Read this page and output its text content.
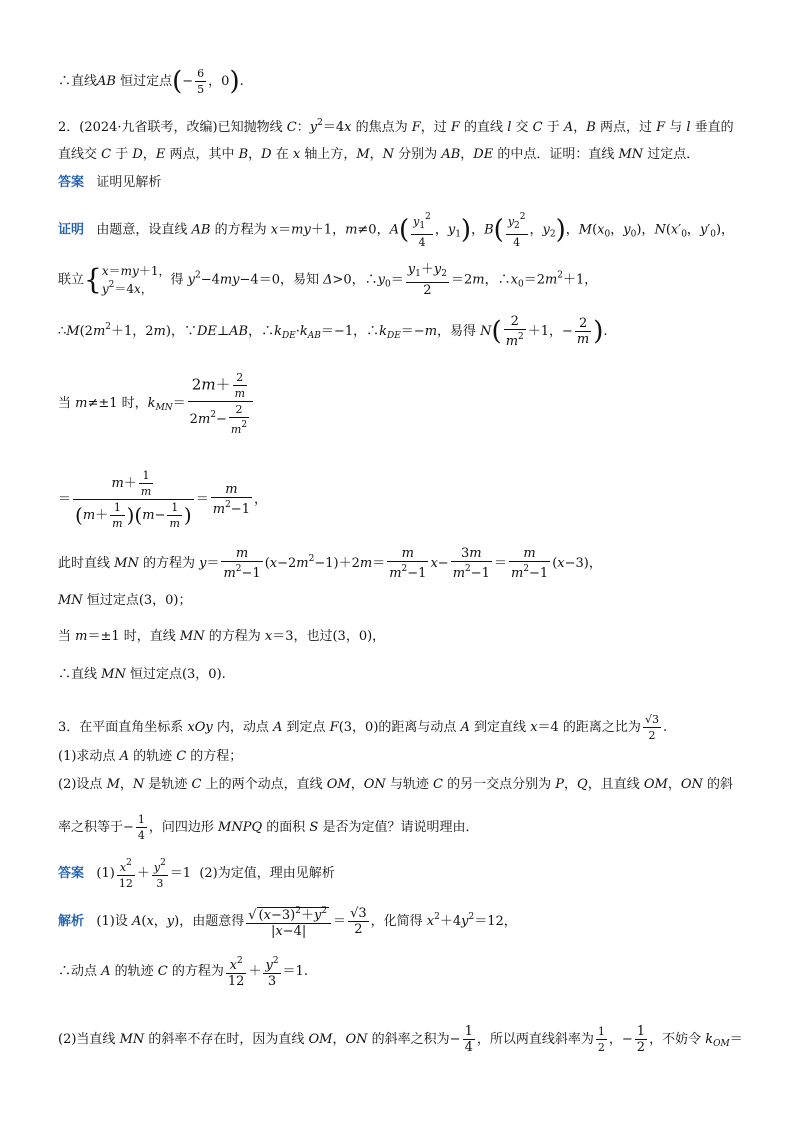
∴直线AB 恒过定点(− $\frac{6}{5}$ ，0).
2．(2024·九省联考，改编)已知抛物线 C：$y^2=4x$ 的焦点为 F，过 F 的直线 l 交 C 于 A，B 两点，过 F 与 l 垂直的
直线交 C 于 D，E 两点，其中 B，D 在 x 轴上方，M，N 分别为 AB，DE 的中点．证明：直线 MN 过定点．
答案 证明见解析
证明   由题意，设直线 AB 的方程为 x＝my＋1，m≠0，$A( \frac{y_1^2}{4}$ ，$y_1$)，$B( \frac{y_2^2}{4}$ ，$y_2$)，$M(x_0$，$y_0$)，$N(x'_0$，$y'_0$)，
联立{x＝my＋1，
$y^2=4x$，得 $y^2-4my-4=0$，易知 Δ>0，$\therefore y_0= \frac{y_1+y_2}{2} =2m$，$\therefore x_0=2m^2+1$，
$\therefore M(2m^2+1$，2m)，∵DE⊥AB，$\therefore k_{DE}\cdot k_{AB}=-1$，$\therefore k_{DE}=-m$，易得 $N( \frac{2}{m^2} +1$，− $\frac{2}{m}$ ).
当 m≠±1 时，$k_{MN}= \frac{2m+ \frac{2}{m}}{2m^2- \frac{2}{m^2}}$
＝ $\frac{m+ \frac{1}{m}}{(m+ \frac{1}{m} )(m- \frac{1}{m} )} = \frac{m}{m^2-1}$ ，
此时直线 MN 的方程为 $y= \frac{m}{m^2-1} (x-2m^2-1)+2m= \frac{m}{m^2-1} x- \frac{3m}{m^2-1} = \frac{m}{m^2-1} (x-3)$，
MN 恒过定点(3，0)；
当 m＝±1 时，直线 MN 的方程为 x＝3，也过(3，0)，
∴直线 MN 恒过定点(3，0).
3．在平面直角坐标系 xOy 内，动点 A 到定点 F(3，0)的距离与动点 A 到定直线 x＝4 的距离之比为 $\frac{√3}{2}$ .
(1)求动点 A 的轨迹 C 的方程；
(2)设点 M，N 是轨迹 C 上的两个动点，直线 OM，ON 与轨迹 C 的另一交点分别为 P，Q，且直线 OM，ON 的斜
率之积等于− $\frac{1}{4}$ ，问四边形 MNPQ 的面积 S 是否为定值？请说明理由．
答案   $(1) \frac{x^2}{12} + \frac{y^2}{3} =1$  (2)为定值，理由见解析
解析   (1)设 A(x，y)，由题意得 $\frac{√ (x-3)^2+y^2}{|x-4|} = \frac{√3}{2}$ ，化简得 $x^2+4y^2=12$，
∴动点 A 的轨迹 C 的方程为 $\frac{x^2}{12} + \frac{y^2}{3} =1$.
(2)当直线 MN 的斜率不存在时，因为直线 OM，ON 的斜率之积为− $\frac{1}{4}$ ，所以两直线斜率为 $\frac{1}{2}$ ，− $\frac{1}{2}$ ，不妨令 $k_{OM}=$
